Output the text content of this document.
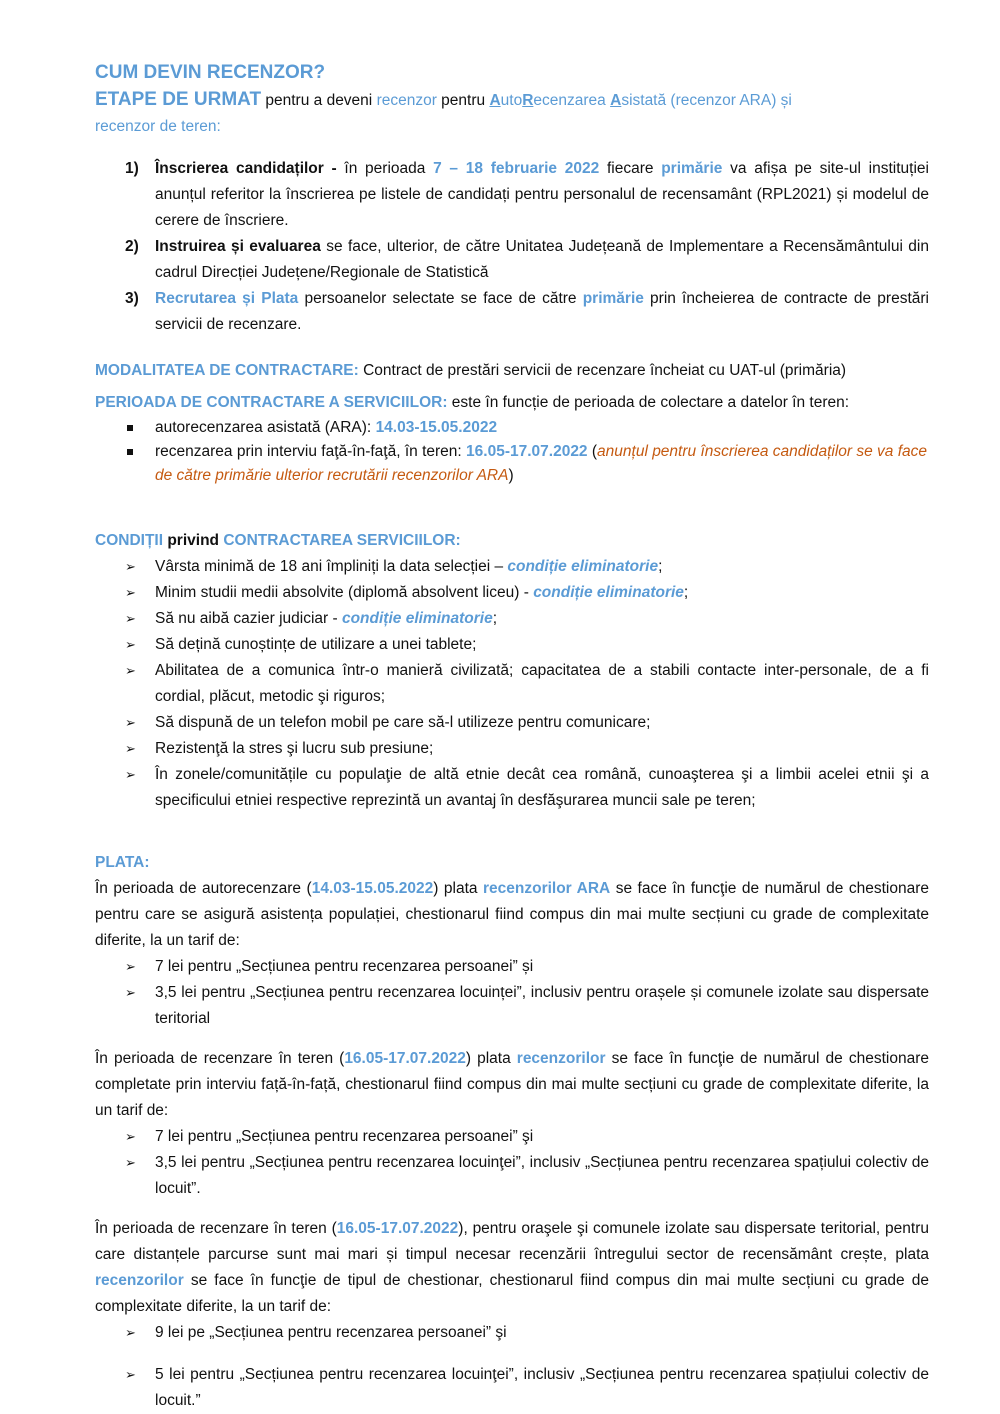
CUM DEVIN RECENZOR?
ETAPE DE URMAT pentru a deveni recenzor pentru AutoRecenzarea Asistată (recenzor ARA) și
recenzor de teren:
1) Înscrierea candidaților - în perioada 7 – 18 februarie 2022 fiecare primărie va afișa pe site-ul instituției anunțul referitor la înscrierea pe listele de candidați pentru personalul de recensamânt (RPL2021) și modelul de cerere de înscriere.
2) Instruirea și evaluarea se face, ulterior, de către Unitatea Județeană de Implementare a Recensământului din cadrul Direcției Județene/Regionale de Statistică
3) Recrutarea și Plata persoanelor selectate se face de către primărie prin încheierea de contracte de prestări servicii de recenzare.
MODALITATEA DE CONTRACTARE: Contract de prestări servicii de recenzare încheiat cu UAT-ul (primăria)
PERIOADA DE CONTRACTARE A SERVICIILOR: este în funcție de perioada de colectare a datelor în teren:
autorecenzarea asistată (ARA): 14.03-15.05.2022
recenzarea prin interviu faţă-în-faţă, în teren: 16.05-17.07.2022 (anunțul pentru înscrierea candidaților se va face de către primărie ulterior recrutării recenzorilor ARA)
CONDIȚII privind CONTRACTAREA SERVICIILOR:
➢ Vârsta minimă de 18 ani împliniți la data selecției – condiție eliminatorie;
➢ Minim studii medii absolvite (diplomă absolvent liceu) - condiție eliminatorie;
➢ Să nu aibă cazier judiciar - condiție eliminatorie;
➢ Să dețină cunoștințe de utilizare a unei tablete;
➢ Abilitatea de a comunica într-o manieră civilizată; capacitatea de a stabili contacte inter-personale, de a fi cordial, plăcut, metodic şi riguros;
➢ Să dispună de un telefon mobil pe care să-l utilizeze pentru comunicare;
➢ Rezistenţă la stres şi lucru sub presiune;
➢ În zonele/comunitățile cu populaţie de altă etnie decât cea română, cunoaşterea şi a limbii acelei etnii şi a specificului etniei respective reprezintă un avantaj în desfăşurarea muncii sale pe teren;
PLATA:
În perioada de autorecenzare (14.03-15.05.2022) plata recenzorilor ARA se face în funcţie de numărul de chestionare pentru care se asigură asistența populației, chestionarul fiind compus din mai multe secțiuni cu grade de complexitate diferite, la un tarif de:
➢ 7 lei pentru „Secțiunea pentru recenzarea persoanei” și
➢ 3,5 lei pentru „Secțiunea pentru recenzarea locuinței”, inclusiv pentru orașele și comunele izolate sau dispersate teritorial
În perioada de recenzare în teren (16.05-17.07.2022) plata recenzorilor se face în funcţie de numărul de chestionare completate prin interviu față-în-față, chestionarul fiind compus din mai multe secțiuni cu grade de complexitate diferite, la un tarif de:
➢ 7 lei pentru „Secțiunea pentru recenzarea persoanei” şi
➢ 3,5 lei pentru „Secțiunea pentru recenzarea locuinţei”, inclusiv „Secțiunea pentru recenzarea spațiului colectiv de locuit”.
În perioada de recenzare în teren (16.05-17.07.2022), pentru oraşele şi comunele izolate sau dispersate teritorial, pentru care distanțele parcurse sunt mai mari și timpul necesar recenzării întregului sector de recensământ crește, plata recenzorilor se face în funcţie de tipul de chestionar, chestionarul fiind compus din mai multe secțiuni cu grade de complexitate diferite, la un tarif de:
➢ 9 lei pe „Secțiunea pentru recenzarea persoanei” şi
➢ 5 lei pentru „Secțiunea pentru recenzarea locuinţei”, inclusiv „Secțiunea pentru recenzarea spațiului colectiv de locuit.”
